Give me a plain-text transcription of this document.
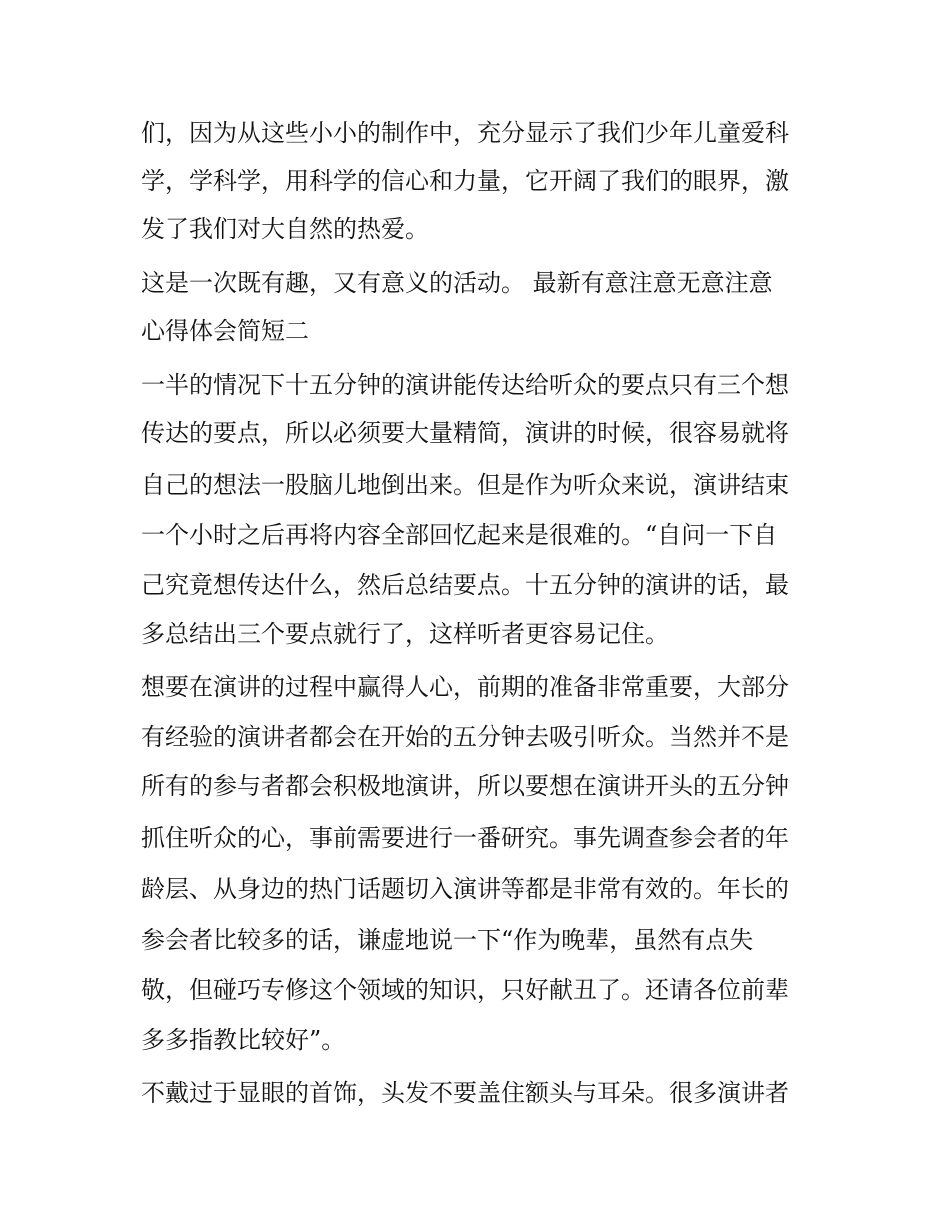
们，因为从这些小小的制作中，充分显示了我们少年儿童爱科
学，学科学，用科学的信心和力量，它开阔了我们的眼界，激
发了我们对大自然的热爱。
这是一次既有趣，又有意义的活动。 最新有意注意无意注意
心得体会简短二
一半的情况下十五分钟的演讲能传达给听众的要点只有三个想
传达的要点，所以必须要大量精简，演讲的时候，很容易就将
自己的想法一股脑儿地倒出来。但是作为听众来说，演讲结束
一个小时之后再将内容全部回忆起来是很难的。“自问一下自
己究竟想传达什么，然后总结要点。十五分钟的演讲的话，最
多总结出三个要点就行了，这样听者更容易记住。
想要在演讲的过程中赢得人心，前期的准备非常重要，大部分
有经验的演讲者都会在开始的五分钟去吸引听众。当然并不是
所有的参与者都会积极地演讲，所以要想在演讲开头的五分钟
抓住听众的心，事前需要进行一番研究。事先调查参会者的年
龄层、从身边的热门话题切入演讲等都是非常有效的。年长的
参会者比较多的话，谦虚地说一下“作为晚辈，虽然有点失
敬，但碰巧专修这个领域的知识，只好献丑了。还请各位前辈
多多指教比较好”。
不戴过于显眼的首饰，头发不要盖住额头与耳朵。很多演讲者
